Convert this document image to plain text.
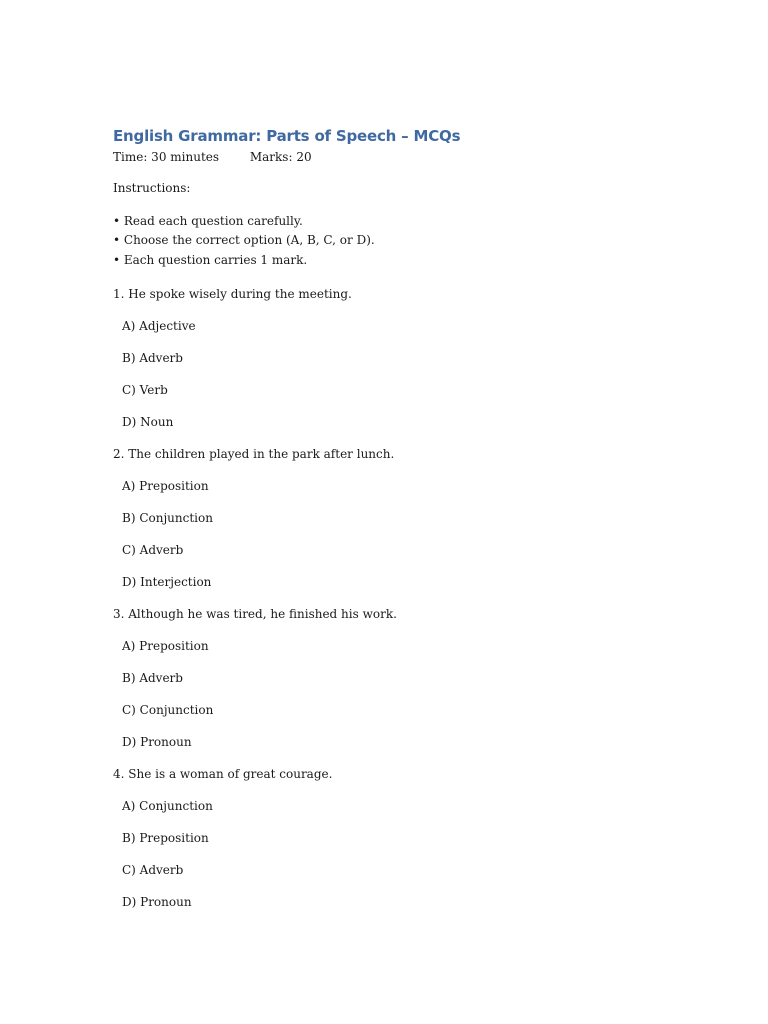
English Grammar: Parts of Speech – MCQs
Time: 30 minutes	Marks: 20

Instructions:

• Read each question carefully.

• Choose the correct option (A, B, C, or D).

• Each question carries 1 mark.

1. He spoke wisely during the meeting.

A) Adjective

B) Adverb

C) Verb

D) Noun

2. The children played in the park after lunch.

A) Preposition

B) Conjunction

C) Adverb

D) Interjection

3. Although he was tired, he finished his work.

A) Preposition

B) Adverb

C) Conjunction

D) Pronoun

4. She is a woman of great courage.

A) Conjunction

B) Preposition

C) Adverb

D) Pronoun
